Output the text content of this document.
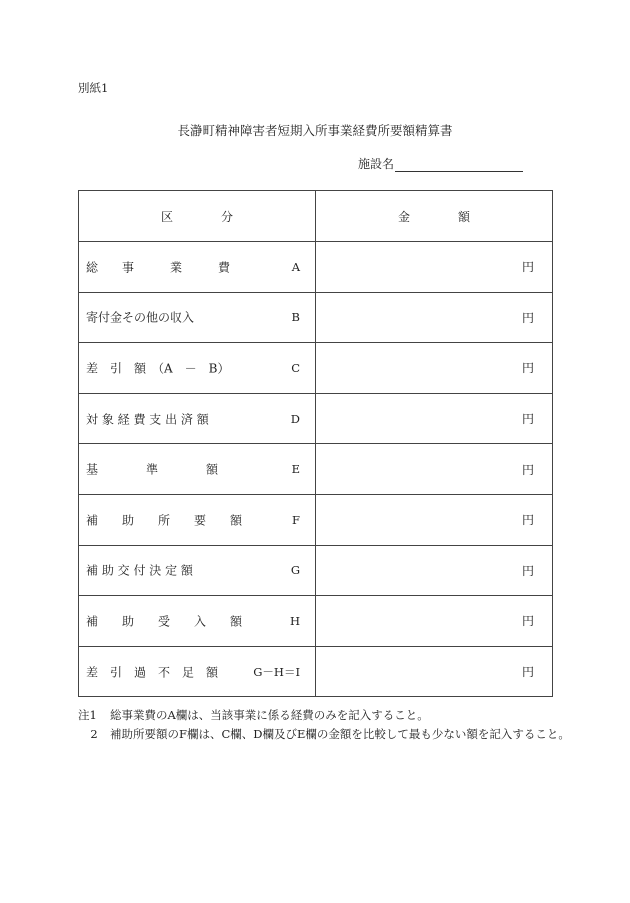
別紙1
長瀞町精神障害者短期入所事業経費所要額精算書
施設名
区　　　　分	金　　　　額

総　　事　　　業　　　費 A	円

寄付金その他の収入 B	円

差　引　額　（A　－　B） C	円

対 象 経 費 支 出 済 額 D	円

基　　　　準　　　　額 E	円

補　　助　　所　　要　　額 F	円

補 助 交 付 決 定 額 G	円

補　　助　　受　　入　　額 H	円

差　引　過　不　足　額 G－H＝I	円
注1 総事業費のA欄は、当該事業に係る経費のみを記入すること。
2 補助所要額のF欄は、C欄、D欄及びE欄の金額を比較して最も少ない額を記入すること。
